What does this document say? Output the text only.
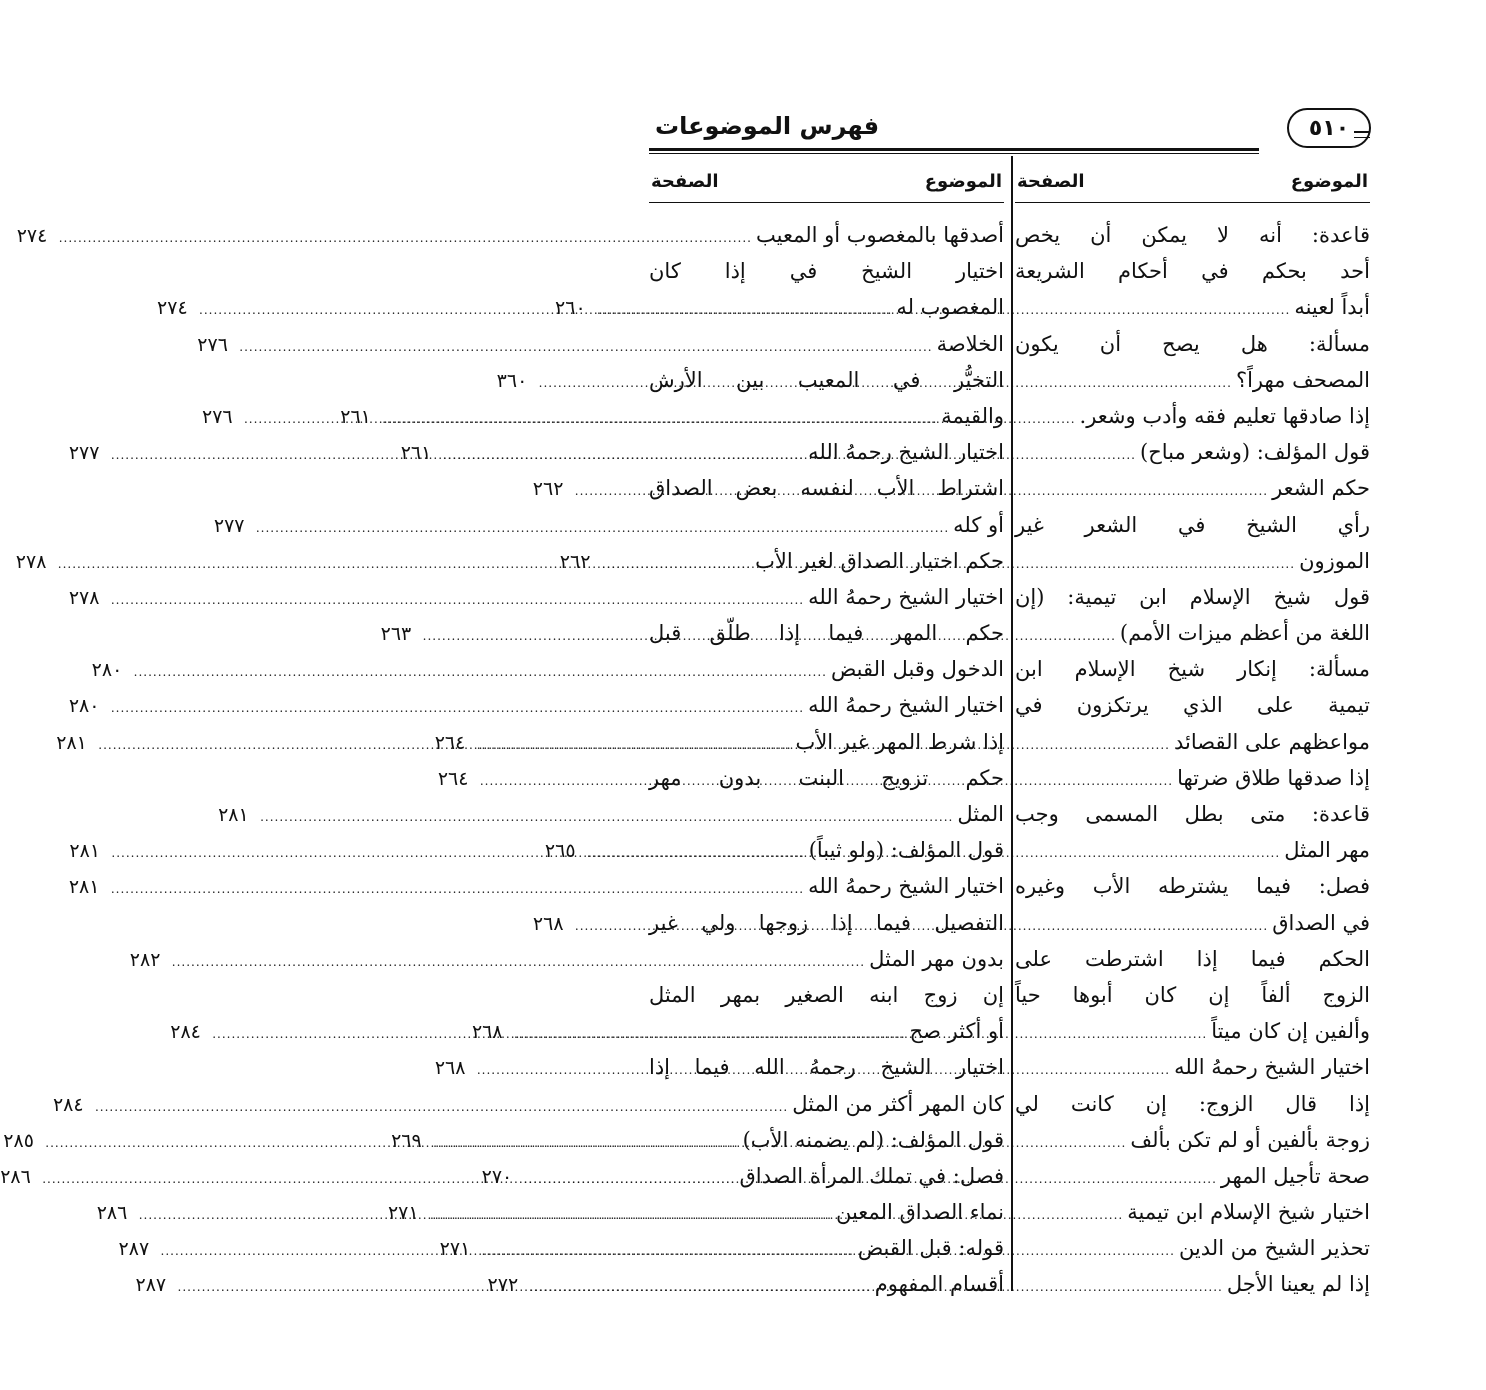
٥١٠
فهرس الموضوعات
الموضوع
الصفحة
قاعدة: أنه لا يمكن أن يخص
أحد بحكم في أحكام الشريعة
أبداً لعينه
.....
٢٦٠
مسألة: هل يصح أن يكون
المصحف مهراً؟
.....
٣٦٠
إذا صادقها تعليم فقه وأدب وشعر.
.....
٢٦١
قول المؤلف: (وشعر مباح)
.....
٢٦١
حكم الشعر
.....
٢٦٢
رأي الشيخ في الشعر غير
الموزون
.....
٢٦٢
قول شيخ الإسلام ابن تيمية: (إن
اللغة من أعظم ميزات الأمم)
.....
٢٦٣
مسألة: إنكار شيخ الإسلام ابن
تيمية على الذي يرتكزون في
مواعظهم على القصائد
.....
٢٦٤
إذا صدقها طلاق ضرتها
.....
٢٦٤
قاعدة: متى بطل المسمى وجب
مهر المثل
.....
٢٦٥
فصل: فيما يشترطه الأب وغيره
في الصداق
.....
٢٦٨
الحكم فيما إذا اشترطت على
الزوج ألفاً إن كان أبوها حياً
وألفين إن كان ميتاً
.....
٢٦٨
اختيار الشيخ رحمهُ الله
.....
٢٦٨
إذا قال الزوج: إن كانت لي
زوجة بألفين أو لم تكن بألف
.....
٢٦٩
صحة تأجيل المهر
.....
٢٧٠
اختيار شيخ الإسلام ابن تيمية
.....
٢٧١
تحذير الشيخ من الدين
.....
٢٧١
إذا لم يعينا الأجل
.....
٢٧٢
الموضوع
الصفحة
أصدقها بالمغصوب أو المعيب
.....
٢٧٤
اختيار الشيخ في إذا كان
المغصوب له
.....
٢٧٤
الخلاصة
.....
٢٧٦
التخيُّر في المعيب بين الأرش
والقيمة
.....
٢٧٦
اختيار الشيخ رحمهُ الله
.....
٢٧٧
اشتراط الأب لنفسه بعض الصداق
أو كله
.....
٢٧٧
حكم اختيار الصداق لغير الأب
.....
٢٧٨
اختيار الشيخ رحمهُ الله
.....
٢٧٨
حكم المهر فيما إذا طلّق قبل
الدخول وقبل القبض
.....
٢٨٠
اختيار الشيخ رحمهُ الله
.....
٢٨٠
إذا شرط المهر غير الأب
.....
٢٨١
حكم تزويج البنت بدون مهر
المثل
.....
٢٨١
قول المؤلف: (ولو ثيباً)
.....
٢٨١
اختيار الشيخ رحمهُ الله
.....
٢٨١
التفصيل فيما إذا زوجها ولي غير
بدون مهر المثل
.....
٢٨٢
إن زوج ابنه الصغير بمهر المثل
أو أكثر صح
.....
٢٨٤
اختيار الشيخ رحمهُ الله فيما إذا
كان المهر أكثر من المثل
.....
٢٨٤
قول المؤلف: (لم يضمنه الأب)
.....
٢٨٥
فصل: في تملك المرأة الصداق
.....
٢٨٦
نماء الصداق المعين
.....
٢٨٦
قوله: قبل القبض
.....
٢٨٧
أقسام المفهوم
.....
٢٨٧
